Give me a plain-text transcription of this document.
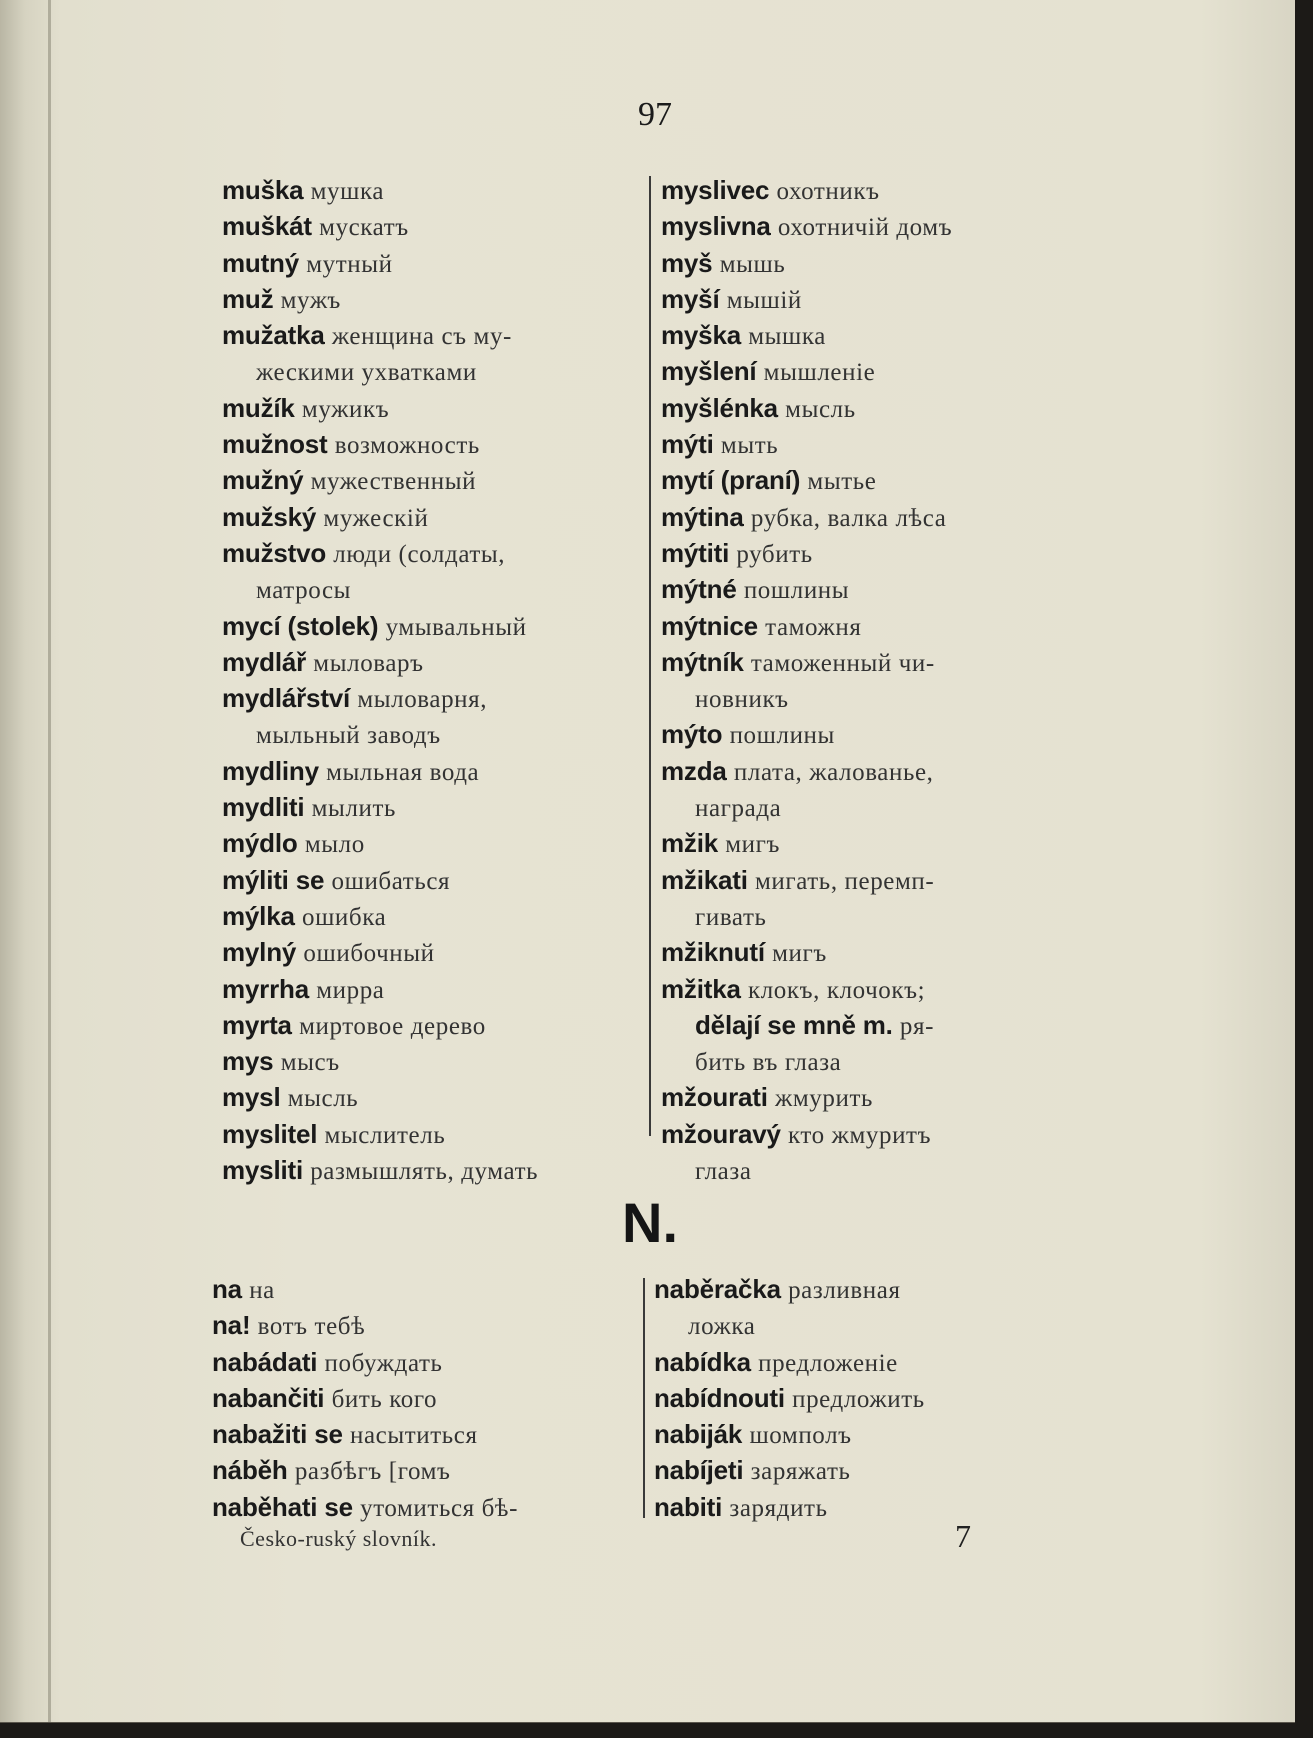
97
muška мушка
muškát мускатъ
mutný мутный
muž мужъ
mužatka женщина съ му-
жескими ухватками
mužík мужикъ
mužnost возможность
mužný мужественный
mužský мужескій
mužstvo люди (солдаты,
матросы
mycí (stolek) умывальный
mydlář мыловаръ
mydlářství мыловарня,
мыльный заводъ
mydliny мыльная вода
mydliti мылить
mýdlo мыло
mýliti se ошибаться
mýlka ошибка
mylný ошибочный
myrrha мирра
myrta миртовое дерево
mys мысъ
mysl мысль
myslitel мыслитель
mysliti размышлять, думать
myslivec охотникъ
myslivna охотничій домъ
myš мышь
myší мышій
myška мышка
myšlení мышленіе
myšlénka мысль
mýti мыть
mytí (praní) мытье
mýtina рубка, валка лѣса
mýtiti рубить
mýtné пошлины
mýtnice таможня
mýtník таможенный чи-
новникъ
mýto пошлины
mzda плата, жалованье,
награда
mžik мигъ
mžikati мигать, перемп-
гивать
mžiknutí мигъ
mžitka клокъ, клочокъ;
dělají se mně m. ря-
бить въ глаза
mžourati жмурить
mžouravý кто жмуритъ
глаза
N.
na на
na! вотъ тебѣ
nabádati побуждать
nabančiti бить кого
nabažiti se насытиться
náběh разбѣгъ [гомъ
naběhati se утомиться бѣ-
naběračka разливная
ложка
nabídka предложеніе
nabídnouti предложить
nabiják шомполъ
nabíjeti заряжать
nabiti зарядить
Česko-ruský slovník.	7
